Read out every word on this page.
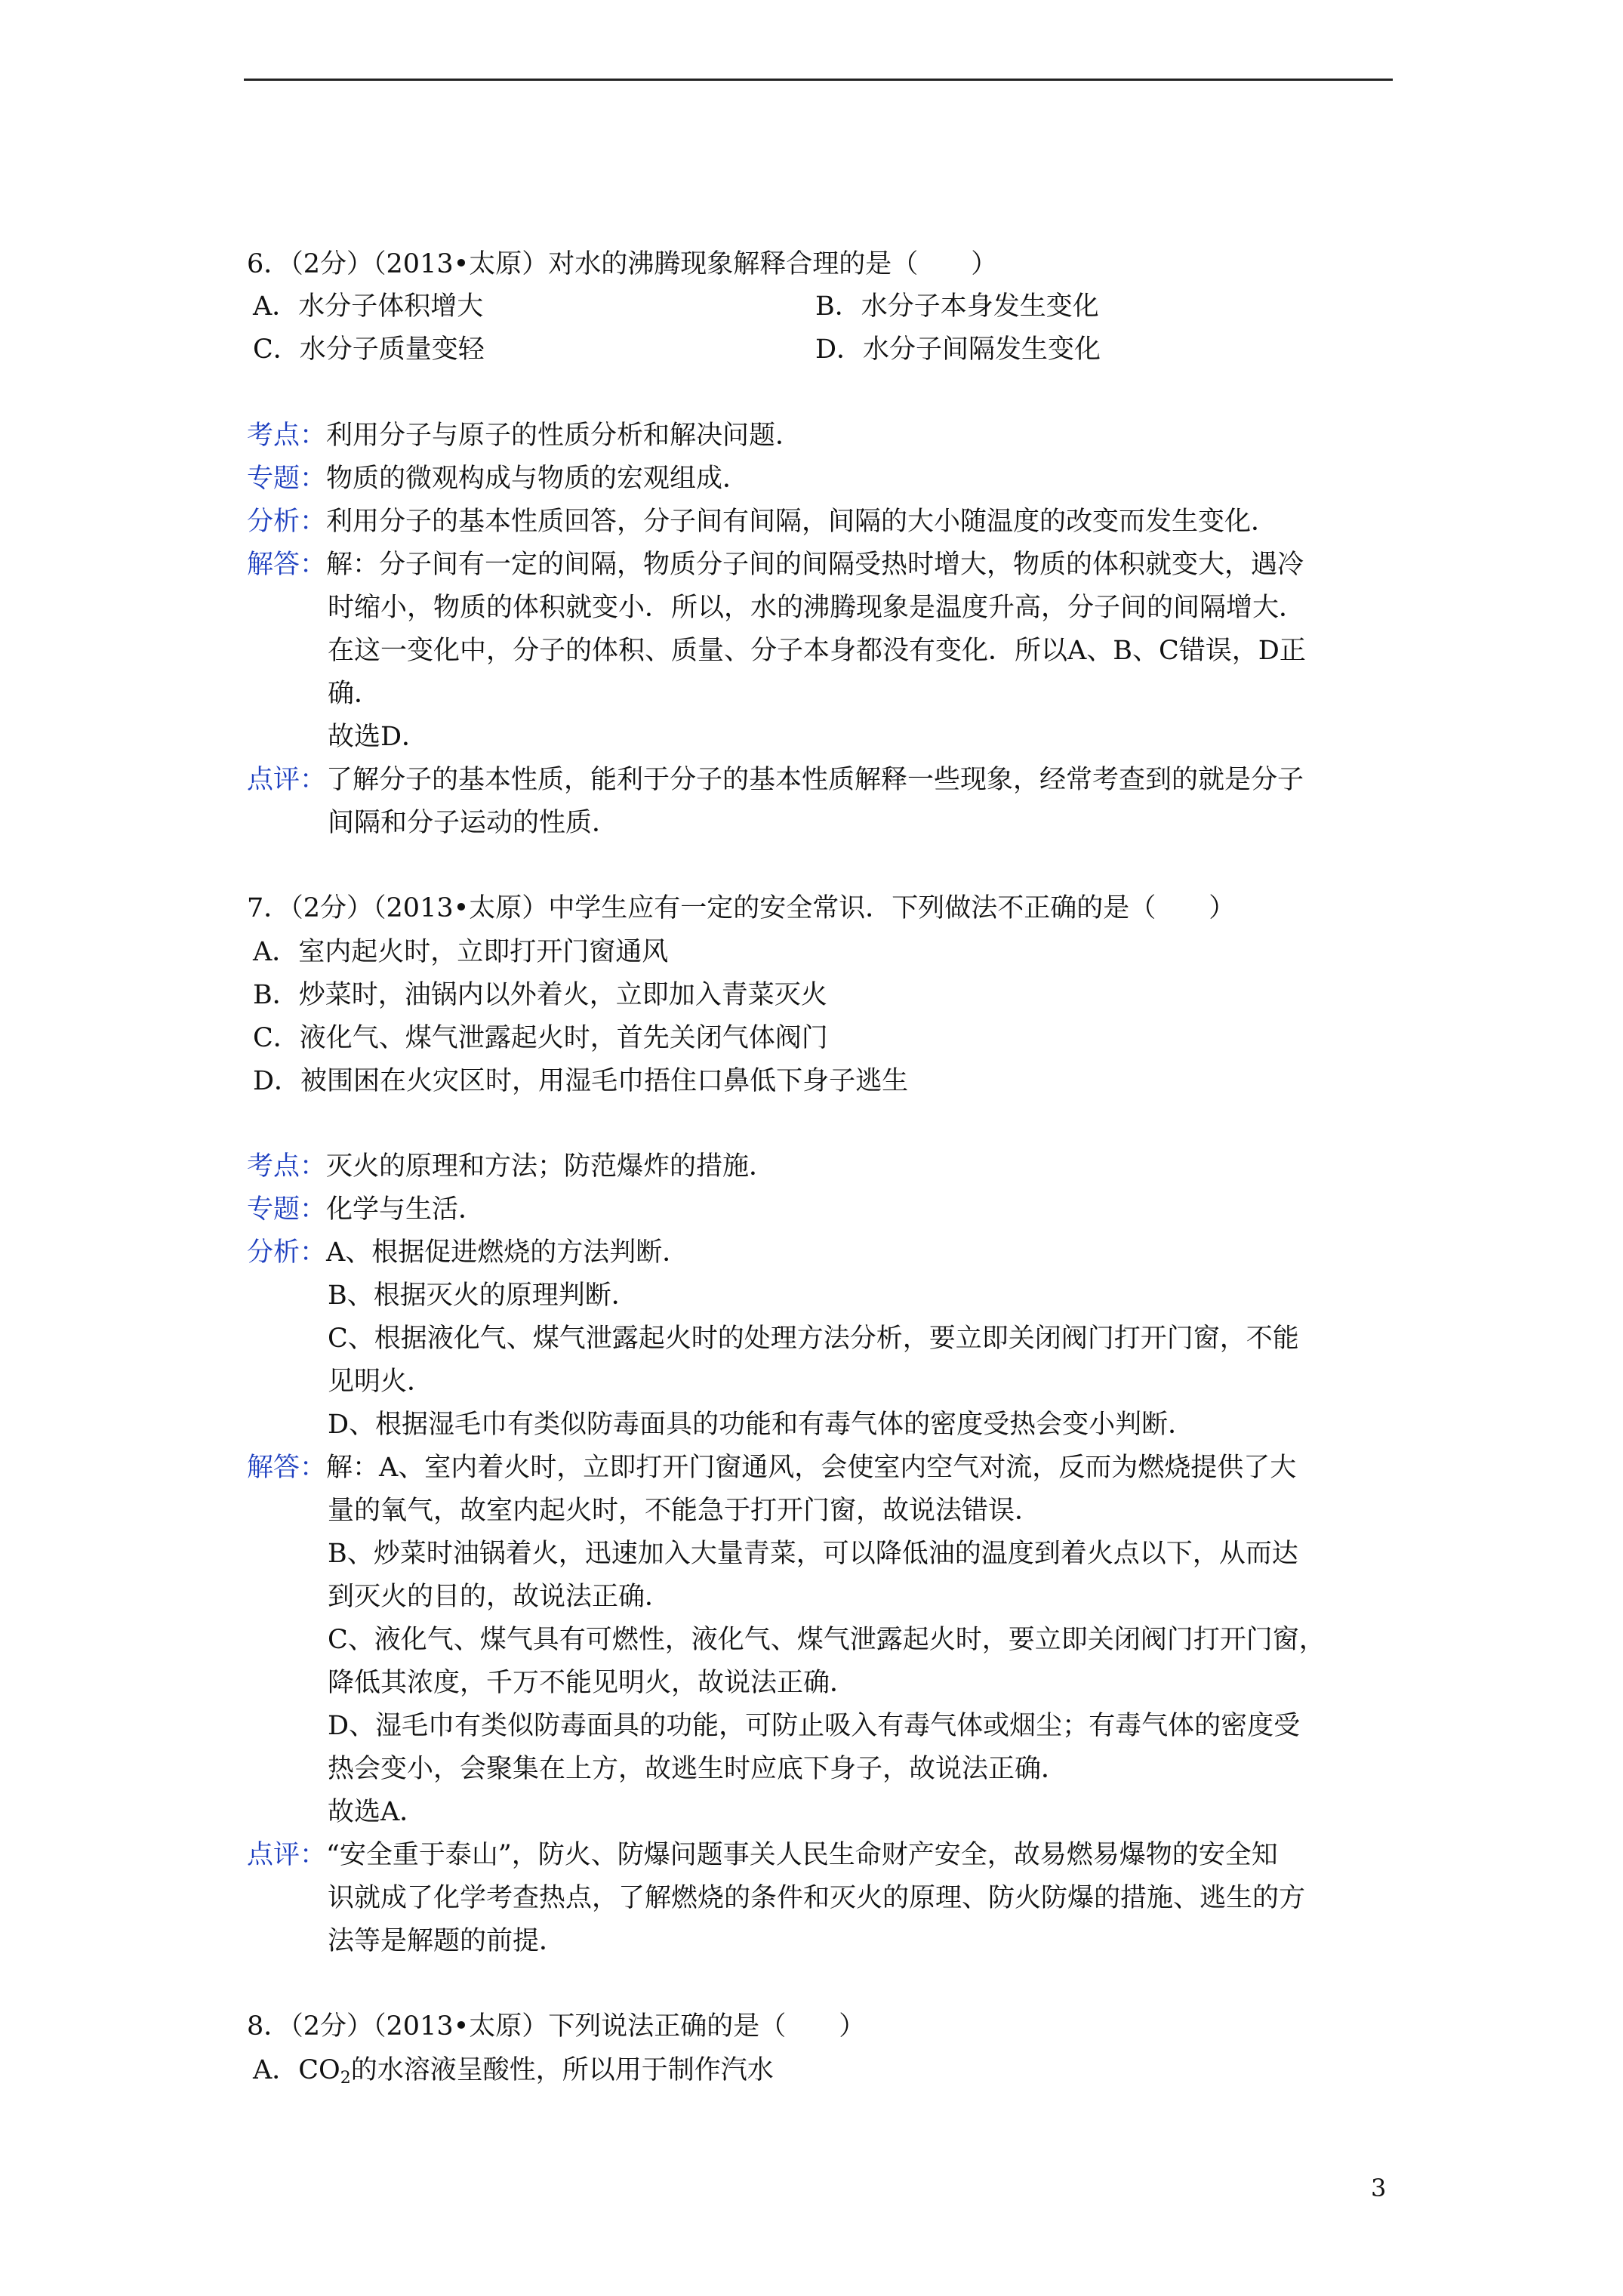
6．（2分）（2013•太原）对水的沸腾现象解释合理的是（　　）
A．水分子体积增大	B．水分子本身发生变化
C．水分子质量变轻	D．水分子间隔发生变化
考点：利用分子与原子的性质分析和解决问题．
专题：物质的微观构成与物质的宏观组成．
分析：利用分子的基本性质回答，分子间有间隔，间隔的大小随温度的改变而发生变化．
解答：解：分子间有一定的间隔，物质分子间的间隔受热时增大，物质的体积就变大，遇冷
时缩小，物质的体积就变小．所以，水的沸腾现象是温度升高，分子间的间隔增大．
在这一变化中，分子的体积、质量、分子本身都没有变化．所以A、B、C错误，D正
确．
故选D．
点评：了解分子的基本性质，能利于分子的基本性质解释一些现象，经常考查到的就是分子
间隔和分子运动的性质．
7．（2分）（2013•太原）中学生应有一定的安全常识．下列做法不正确的是（　　）
A．室内起火时，立即打开门窗通风
B．炒菜时，油锅内以外着火，立即加入青菜灭火
C．液化气、煤气泄露起火时，首先关闭气体阀门
D．被围困在火灾区时，用湿毛巾捂住口鼻低下身子逃生
考点：灭火的原理和方法；防范爆炸的措施．
专题：化学与生活．
分析：A、根据促进燃烧的方法判断．
B、根据灭火的原理判断．
C、根据液化气、煤气泄露起火时的处理方法分析，要立即关闭阀门打开门窗，不能
见明火．
D、根据湿毛巾有类似防毒面具的功能和有毒气体的密度受热会变小判断．
解答：解：A、室内着火时，立即打开门窗通风，会使室内空气对流，反而为燃烧提供了大
量的氧气，故室内起火时，不能急于打开门窗，故说法错误．
B、炒菜时油锅着火，迅速加入大量青菜，可以降低油的温度到着火点以下，从而达
到灭火的目的，故说法正确．
C、液化气、煤气具有可燃性，液化气、煤气泄露起火时，要立即关闭阀门打开门窗，
降低其浓度，千万不能见明火，故说法正确．
D、湿毛巾有类似防毒面具的功能，可防止吸入有毒气体或烟尘；有毒气体的密度受
热会变小，会聚集在上方，故逃生时应底下身子，故说法正确．
故选A．
点评：“安全重于泰山”，防火、防爆问题事关人民生命财产安全，故易燃易爆物的安全知
识就成了化学考查热点，了解燃烧的条件和灭火的原理、防火防爆的措施、逃生的方
法等是解题的前提．
8．（2分）（2013•太原）下列说法正确的是（　　）
A．$CO_2$的水溶液呈酸性，所以用于制作汽水
3
